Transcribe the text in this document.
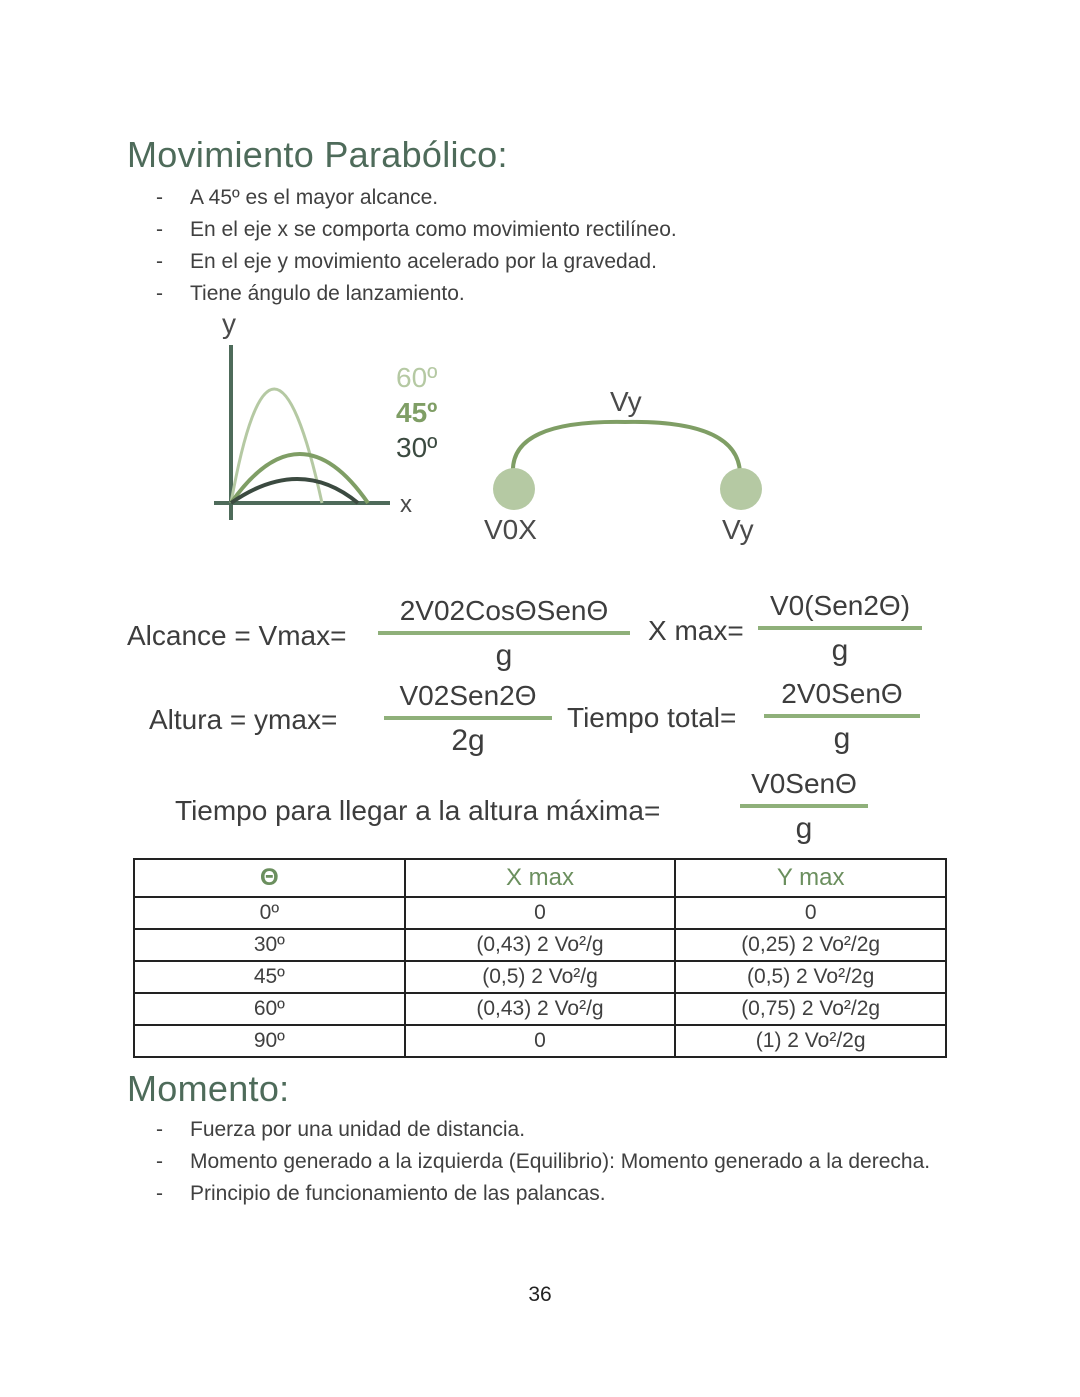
Movimiento Parabólico:
- A 45º es el mayor alcance.
- En el eje x se comporta como movimiento rectilíneo.
- En el eje y movimiento acelerado por la gravedad.
- Tiene ángulo de lanzamiento.
y
x
60º
45º
30º
Vy
V0X	Vy
Alcance = Vmax=
2V02CosΘSenΘ
g
X max=
V0(Sen2Θ)
g
Altura = ymax=
V02Sen2Θ
2g
Tiempo total=
2V0SenΘ
g
Tiempo para llegar a la altura máxima=
V0SenΘ
g
Θ	X max	Y max
0º	0	0
30º	(0,43) 2 Vo²/g	(0,25) 2 Vo²/2g
45º	(0,5) 2 Vo²/g	(0,5) 2 Vo²/2g
60º	(0,43) 2 Vo²/g	(0,75) 2 Vo²/2g
90º	0	(1) 2 Vo²/2g
Momento:
- Fuerza por una unidad de distancia.
- Momento generado a la izquierda (Equilibrio): Momento generado a la derecha.
- Principio de funcionamiento de las palancas.
36
